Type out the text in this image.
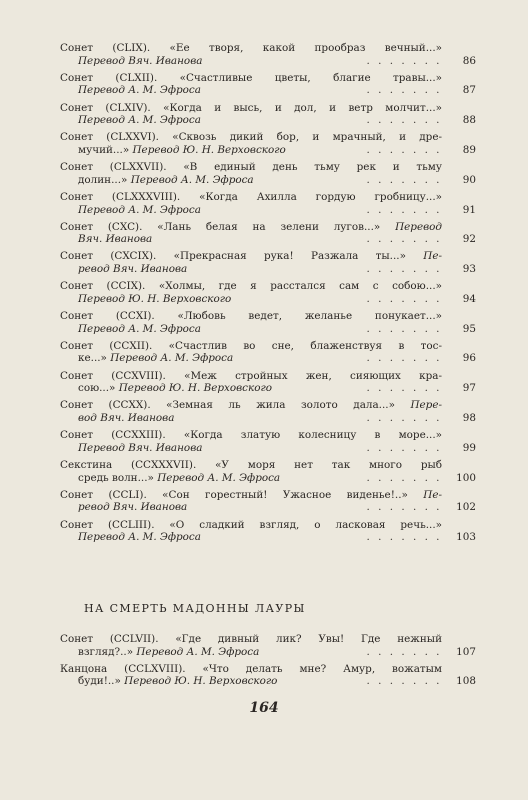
Сонет (CLIX). «Ее творя, какой прообраз вечный...»
Перевод Вяч. Иванова	. . . . . . .	86
Сонет (CLXII). «Счастливые цветы, благие травы...»
Перевод А. М. Эфроса	. . . . . . .	87
Сонет (CLXIV). «Когда и высь, и дол, и ветр молчит...»
Перевод А. М. Эфроса	. . . . . . .	88
Сонет (CLXXVI). «Сквозь дикий бор, и мрачный, и дре-
мучий...» Перевод Ю. Н. Верховского	. . . . . . .	89
Сонет (CLXXVII). «В единый день тьму рек и тьму
долин...» Перевод А. М. Эфроса	. . . . . . .	90
Сонет (CLXXXVIII). «Когда Ахилла гордую гробницу...»
Перевод А. М. Эфроса	. . . . . . .	91
Сонет (CXC). «Лань белая на зелени лугов...» Перевод
Вяч. Иванова	. . . . . . .	92
Сонет (CXCIX). «Прекрасная рука! Разжала ты...» Пе-
ревод Вяч. Иванова	. . . . . . .	93
Сонет (CCIX). «Холмы, где я расстался сам с собою...»
Перевод Ю. Н. Верховского	. . . . . . .	94
Сонет (CCXI). «Любовь ведет, желанье понукает...»
Перевод А. М. Эфроса	. . . . . . .	95
Сонет (CCXII). «Счастлив во сне, блаженствуя в тос-
ке...» Перевод А. М. Эфроса	. . . . . . .	96
Сонет (CCXVIII). «Меж стройных жен, сияющих кра-
сою...» Перевод Ю. Н. Верховского	. . . . . . .	97
Сонет (CCXX). «Земная ль жила золото дала...» Пере-
вод Вяч. Иванова	. . . . . . .	98
Сонет (CCXXIII). «Когда златую колесницу в море...»
Перевод Вяч. Иванова	. . . . . . .	99
Секстина (CCXXXVII). «У моря нет так много рыб
средь волн...» Перевод А. М. Эфроса	. . . . . . .	100
Сонет (CCLI). «Сон горестный! Ужасное виденье!..» Пе-
ревод Вяч. Иванова	. . . . . . .	102
Сонет (CCLIII). «О сладкий взгляд, о ласковая речь...»
Перевод А. М. Эфроса	. . . . . . .	103
НА СМЕРТЬ МАДОННЫ ЛАУРЫ
Сонет (CCLVII). «Где дивный лик? Увы! Где нежный
взгляд?..» Перевод А. М. Эфроса	. . . . . . .	107
Канцона (CCLXVIII). «Что делать мне? Амур, вожатым
буди!..» Перевод Ю. Н. Верховского	. . . . . . .	108
164
